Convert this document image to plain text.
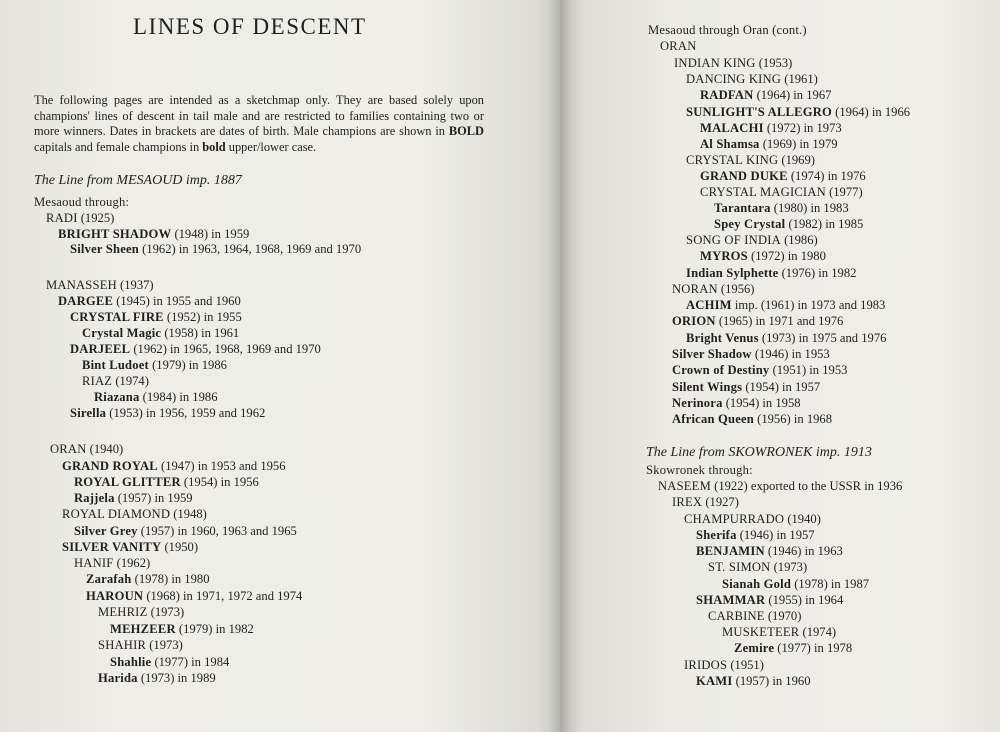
LINES OF DESCENT
The following pages are intended as a sketchmap only. They are based solely upon champions' lines of descent in tail male and are restricted to families containing two or more winners. Dates in brackets are dates of birth. Male champions are shown in BOLD capitals and female champions in bold upper/lower case.
The Line from MESAOUD imp. 1887
The Line from SKOWRONEK imp. 1913
Mesaoud through:
RADI (1925)
BRIGHT SHADOW (1948) in 1959
Silver Sheen (1962) in 1963, 1964, 1968, 1969 and 1970
MANASSEH (1937)
DARGEE (1945) in 1955 and 1960
CRYSTAL FIRE (1952) in 1955
Crystal Magic (1958) in 1961
DARJEEL (1962) in 1965, 1968, 1969 and 1970
Bint Ludoet (1979) in 1986
RIAZ (1974)
Riazana (1984) in 1986
Sirella (1953) in 1956, 1959 and 1962
ORAN (1940)
GRAND ROYAL (1947) in 1953 and 1956
ROYAL GLITTER (1954) in 1956
Rajjela (1957) in 1959
ROYAL DIAMOND (1948)
Silver Grey (1957) in 1960, 1963 and 1965
SILVER VANITY (1950)
HANIF (1962)
Zarafah (1978) in 1980
HAROUN (1968) in 1971, 1972 and 1974
MEHRIZ (1973)
MEHZEER (1979) in 1982
SHAHIR (1973)
Shahlie (1977) in 1984
Harida (1973) in 1989
Mesaoud through Oran (cont.)
ORAN
INDIAN KING (1953)
DANCING KING (1961)
RADFAN (1964) in 1967
SUNLIGHT'S ALLEGRO (1964) in 1966
MALACHI (1972) in 1973
Al Shamsa (1969) in 1979
CRYSTAL KING (1969)
GRAND DUKE (1974) in 1976
CRYSTAL MAGICIAN (1977)
Tarantara (1980) in 1983
Spey Crystal (1982) in 1985
SONG OF INDIA (1986)
MYROS (1972) in 1980
Indian Sylphette (1976) in 1982
NORAN (1956)
ACHIM imp. (1961) in 1973 and 1983
ORION (1965) in 1971 and 1976
Bright Venus (1973) in 1975 and 1976
Silver Shadow (1946) in 1953
Crown of Destiny (1951) in 1953
Silent Wings (1954) in 1957
Nerinora (1954) in 1958
African Queen (1956) in 1968
Skowronek through:
NASEEM (1922) exported to the USSR in 1936
IREX (1927)
CHAMPURRADO (1940)
Sherifa (1946) in 1957
BENJAMIN (1946) in 1963
ST. SIMON (1973)
Sianah Gold (1978) in 1987
SHAMMAR (1955) in 1964
CARBINE (1970)
MUSKETEER (1974)
Zemire (1977) in 1978
IRIDOS (1951)
KAMI (1957) in 1960
